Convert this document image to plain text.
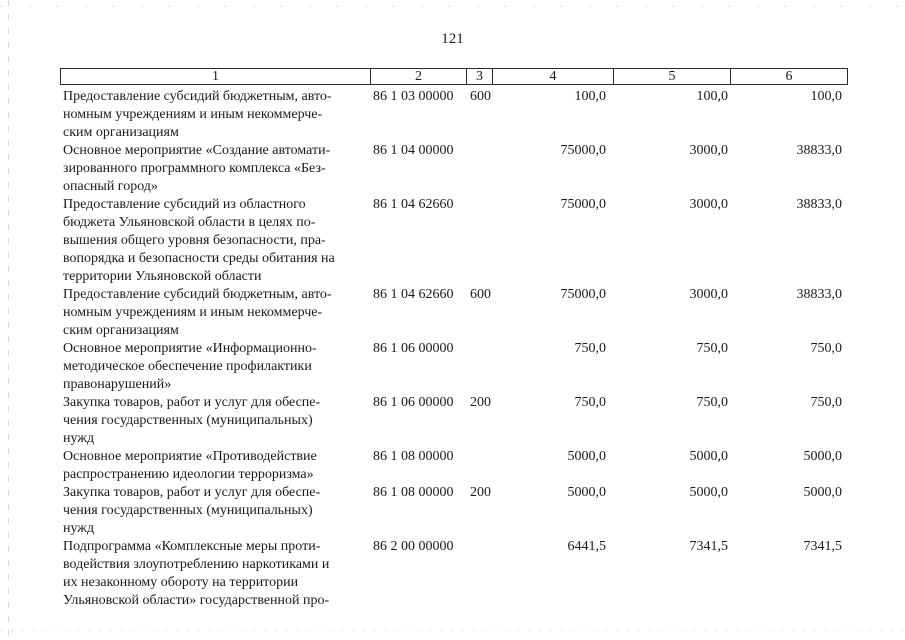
121
1	2	3	4	5	6
Предоставление субсидий бюджетным, авто-
номным учреждениям и иным некоммерче-
ским организациям
86 1 03 00000 600	100,0	100,0	100,0
Основное мероприятие «Создание автомати-
зированного программного комплекса «Без-
опасный город»
86 1 04 00000	75000,0	3000,0	38833,0
Предоставление субсидий из областного
бюджета Ульяновской области в целях по-
вышения общего уровня безопасности, пра-
вопорядка и безопасности среды обитания на
территории Ульяновской области
86 1 04 62660	75000,0	3000,0	38833,0
Предоставление субсидий бюджетным, авто-
номным учреждениям и иным некоммерче-
ским организациям
86 1 04 62660 600	75000,0	3000,0	38833,0
Основное мероприятие «Информационно-
методическое обеспечение профилактики
правонарушений»
86 1 06 00000	750,0	750,0	750,0
Закупка товаров, работ и услуг для обеспе-
чения государственных (муниципальных)
нужд
86 1 06 00000 200	750,0	750,0	750,0
Основное мероприятие «Противодействие
распространению идеологии терроризма»
86 1 08 00000	5000,0	5000,0	5000,0
Закупка товаров, работ и услуг для обеспе-
чения государственных (муниципальных)
нужд
86 1 08 00000 200	5000,0	5000,0	5000,0
Подпрограмма «Комплексные меры проти-
водействия злоупотреблению наркотиками и
их незаконному обороту на территории
Ульяновской области» государственной про-
86 2 00 00000	6441,5	7341,5	7341,5
